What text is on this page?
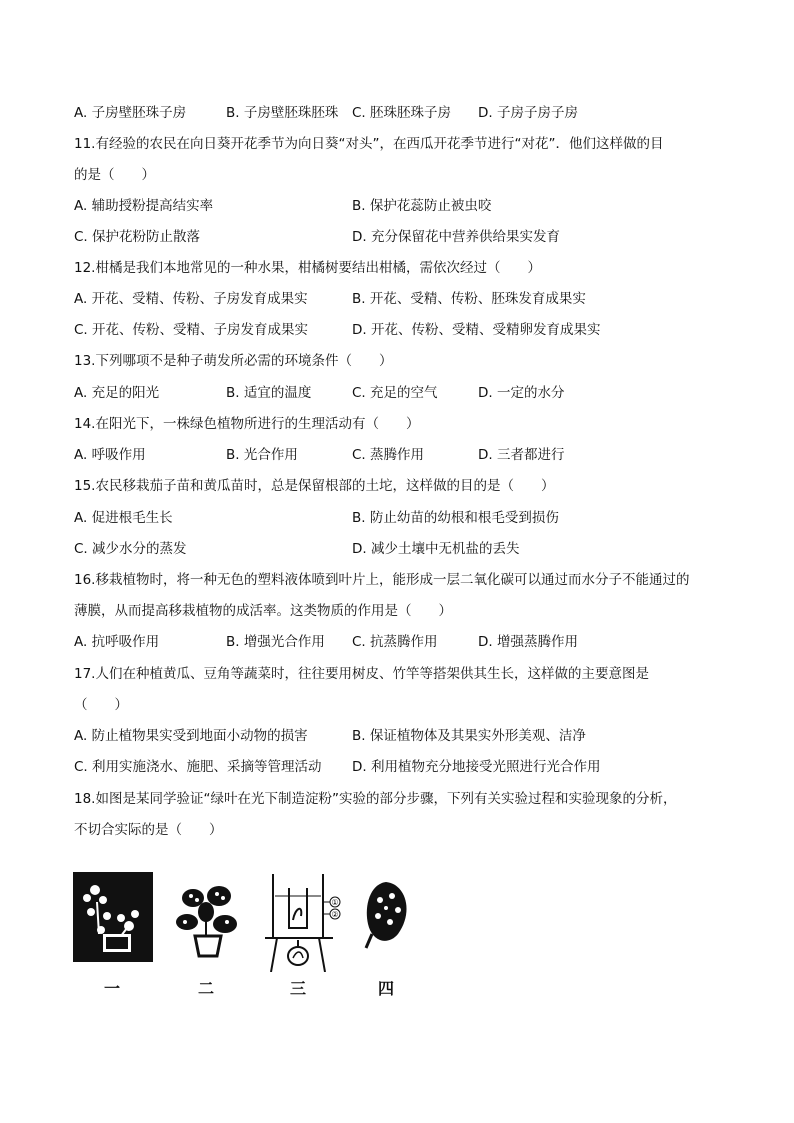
A. 子房壁胚珠子房	B. 子房壁胚珠胚珠 C. 胚珠胚珠子房 D. 子房子房子房
11.有经验的农民在向日葵开花季节为向日葵“对头”，在西瓜开花季节进行“对花”．他们这样做的目
的是（　　）
A. 辅助授粉提高结实率	B. 保护花蕊防止被虫咬
C. 保护花粉防止散落	D. 充分保留花中营养供给果实发育
12.柑橘是我们本地常见的一种水果，柑橘树要结出柑橘，需依次经过（　　）
A. 开花、受精、传粉、子房发育成果实	B. 开花、受精、传粉、胚珠发育成果实
C. 开花、传粉、受精、子房发育成果实	D. 开花、传粉、受精、受精卵发育成果实
13.下列哪项不是种子萌发所必需的环境条件（　　）
A. 充足的阳光	B. 适宜的温度	C. 充足的空气	D. 一定的水分
14.在阳光下，一株绿色植物所进行的生理活动有（　　）
A. 呼吸作用	B. 光合作用	C. 蒸腾作用	D. 三者都进行
15.农民移栽茄子苗和黄瓜苗时，总是保留根部的土坨，这样做的目的是（　　）
A. 促进根毛生长	B. 防止幼苗的幼根和根毛受到损伤
C. 减少水分的蒸发	D. 减少土壤中无机盐的丢失
16.移栽植物时，将一种无色的塑料液体喷到叶片上，能形成一层二氧化碳可以通过而水分子不能通过的
薄膜，从而提高移栽植物的成活率。这类物质的作用是（　　）
A. 抗呼吸作用	B. 增强光合作用 C. 抗蒸腾作用	D. 增强蒸腾作用
17.人们在种植黄瓜、豆角等蔬菜时，往往要用树皮、竹竿等搭架供其生长，这样做的主要意图是
（　　）
A. 防止植物果实受到地面小动物的损害	B. 保证植物体及其果实外形美观、洁净
C. 利用实施浇水、施肥、采摘等管理活动 D. 利用植物充分地接受光照进行光合作用
18.如图是某同学验证“绿叶在光下制造淀粉”实验的部分步骤，下列有关实验过程和实验现象的分析，
不切合实际的是（　　）
一	二
①
②
三	四
